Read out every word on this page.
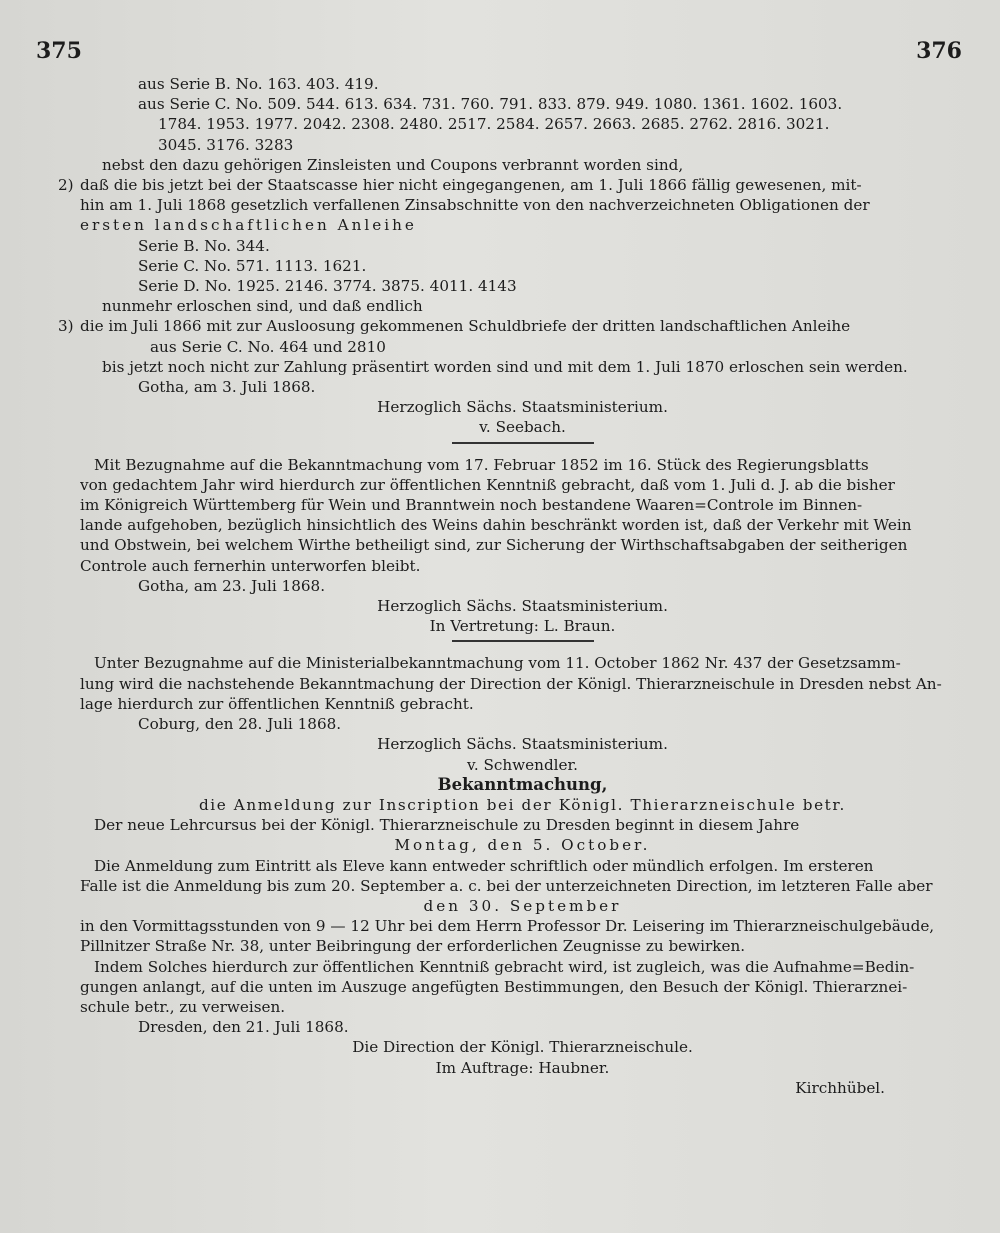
375	376
aus Serie B. No. 163. 403. 419.
aus Serie C. No. 509. 544. 613. 634. 731. 760. 791. 833. 879. 949. 1080. 1361. 1602. 1603.
1784. 1953. 1977. 2042. 2308. 2480. 2517. 2584. 2657. 2663. 2685. 2762. 2816. 3021.
3045. 3176. 3283
nebst den dazu gehörigen Zinsleisten und Coupons verbrannt worden sind,
2) daß die bis jetzt bei der Staatscasse hier nicht eingegangenen, am 1. Juli 1866 fällig gewesenen, mit-
hin am 1. Juli 1868 gesetzlich verfallenen Zinsabschnitte von den nachverzeichneten Obligationen der
ersten landschaftlichen Anleihe
Serie B. No. 344.
Serie C. No. 571. 1113. 1621.
Serie D. No. 1925. 2146. 3774. 3875. 4011. 4143
nunmehr erloschen sind, und daß endlich
3) die im Juli 1866 mit zur Ausloosung gekommenen Schuldbriefe der dritten landschaftlichen Anleihe
aus Serie C. No. 464 und 2810
bis jetzt noch nicht zur Zahlung präsentirt worden sind und mit dem 1. Juli 1870 erloschen sein werden.
Gotha, am 3. Juli 1868.
Herzoglich Sächs. Staatsministerium.
v. Seebach.
Mit Bezugnahme auf die Bekanntmachung vom 17. Februar 1852 im 16. Stück des Regierungsblatts
von gedachtem Jahr wird hierdurch zur öffentlichen Kenntniß gebracht, daß vom 1. Juli d. J. ab die bisher
im Königreich Württemberg für Wein und Branntwein noch bestandene Waaren=Controle im Binnen-
lande aufgehoben, bezüglich hinsichtlich des Weins dahin beschränkt worden ist, daß der Verkehr mit Wein
und Obstwein, bei welchem Wirthe betheiligt sind, zur Sicherung der Wirthschaftsabgaben der seitherigen
Controle auch fernerhin unterworfen bleibt.
Gotha, am 23. Juli 1868.
Herzoglich Sächs. Staatsministerium.
In Vertretung: L. Braun.
Unter Bezugnahme auf die Ministerialbekanntmachung vom 11. October 1862 Nr. 437 der Gesetzsamm-
lung wird die nachstehende Bekanntmachung der Direction der Königl. Thierarzneischule in Dresden nebst An-
lage hierdurch zur öffentlichen Kenntniß gebracht.
Coburg, den 28. Juli 1868.
Herzoglich Sächs. Staatsministerium.
v. Schwendler.
Bekanntmachung,
die Anmeldung zur Inscription bei der Königl. Thierarzneischule betr.
Der neue Lehrcursus bei der Königl. Thierarzneischule zu Dresden beginnt in diesem Jahre
Montag, den 5. October.
Die Anmeldung zum Eintritt als Eleve kann entweder schriftlich oder mündlich erfolgen. Im ersteren
Falle ist die Anmeldung bis zum 20. September a. c. bei der unterzeichneten Direction, im letzteren Falle aber
den 30. September
in den Vormittagsstunden von 9 — 12 Uhr bei dem Herrn Professor Dr. Leisering im Thierarzneischulgebäude,
Pillnitzer Straße Nr. 38, unter Beibringung der erforderlichen Zeugnisse zu bewirken.
Indem Solches hierdurch zur öffentlichen Kenntniß gebracht wird, ist zugleich, was die Aufnahme=Bedin-
gungen anlangt, auf die unten im Auszuge angefügten Bestimmungen, den Besuch der Königl. Thierarznei-
schule betr., zu verweisen.
Dresden, den 21. Juli 1868.
Die Direction der Königl. Thierarzneischule.
Im Auftrage: Haubner.
Kirchhübel.
